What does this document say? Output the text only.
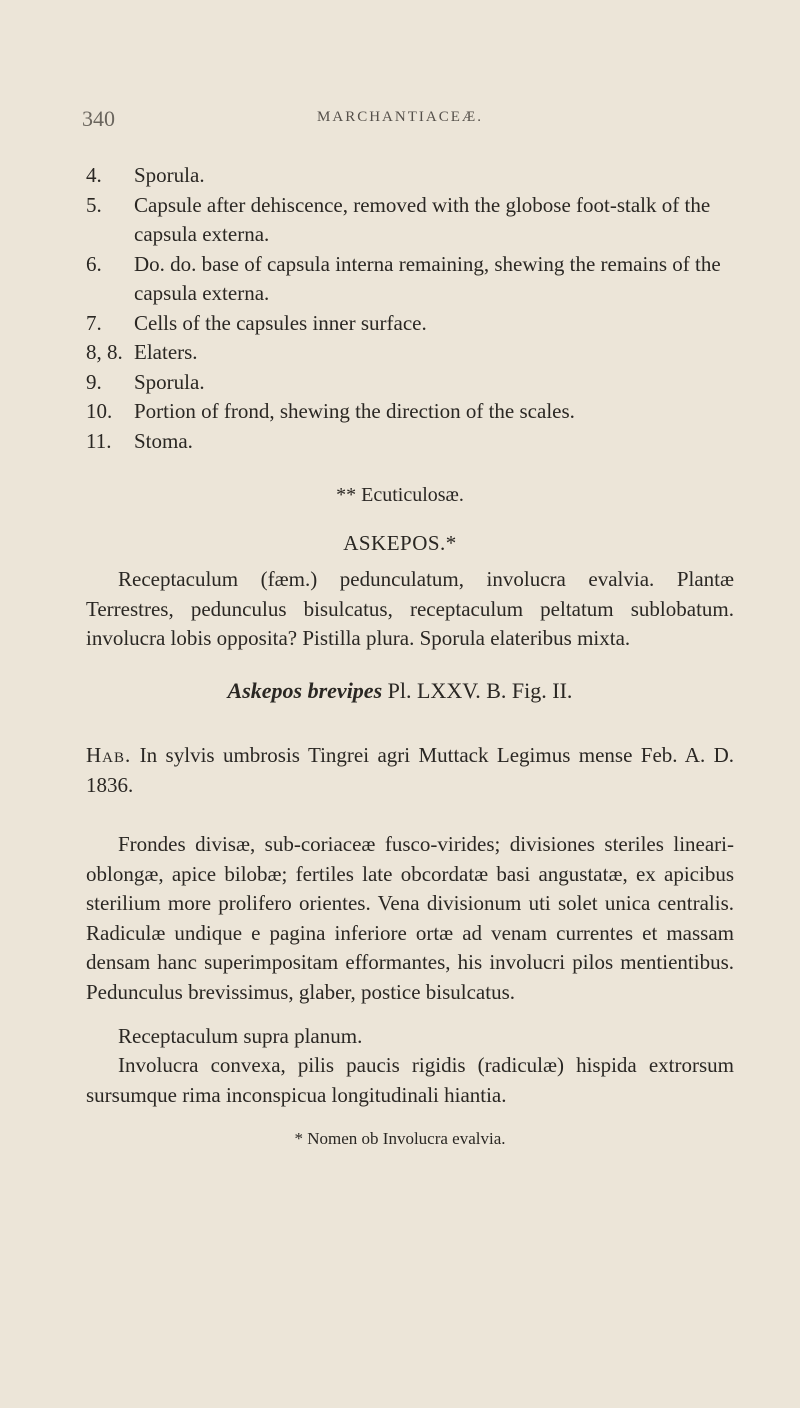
340	MARCHANTIACEÆ.
4. Sporula.
5. Capsule after dehiscence, removed with the globose foot-stalk of the capsula externa.
6. Do. do. base of capsula interna remaining, shewing the remains of the capsula externa.
7. Cells of the capsules inner surface.
8, 8. Elaters.
9. Sporula.
10. Portion of frond, shewing the direction of the scales.
11. Stoma.
** Ecuticulosæ.
ASKEPOS.*

Receptaculum (fæm.) pedunculatum, involucra evalvia. Plantæ Terrestres, pedunculus bisulcatus, receptaculum peltatum sublobatum. involucra lobis opposita? Pistilla plura. Sporula elateribus mixta.

Askepos brevipes Pl. LXXV. B. Fig. II.

Hab. In sylvis umbrosis Tingrei agri Muttack Legimus mense Feb. A. D. 1836.

Frondes divisæ, sub-coriaceæ fusco-virides; divisiones steriles lineari-oblongæ, apice bilobæ; fertiles late obcordatæ basi angustatæ, ex apicibus sterilium more prolifero orientes. Vena divisionum uti solet unica centralis. Radiculæ undique e pagina inferiore ortæ ad venam currentes et massam densam hanc superimpositam efformantes, his involucri pilos mentientibus. Pedunculus brevissimus, glaber, postice bisulcatus.

Receptaculum supra planum.

Involucra convexa, pilis paucis rigidis (radiculæ) hispida extrorsum sursumque rima inconspicua longitudinali hiantia.

* Nomen ob Involucra evalvia.
